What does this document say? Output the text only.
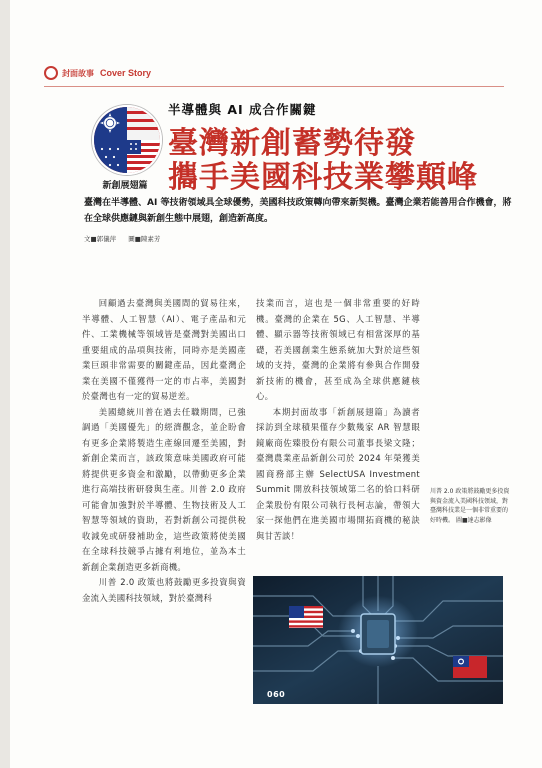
封面故事 Cover Story
新創展翅篇
半導體與 AI 成合作關鍵
臺灣新創蓄勢待發
攜手美國科技業攀顛峰
臺灣在半導體、AI 等技術領域具全球優勢，美國科技政策轉向帶來新契機。臺灣企業若能善用合作機會，將在全球供應鏈與新創生態中展翅，創造新高度。
文■郭儀萍 圖■陳素芳

回顧過去臺灣與美國間的貿易往來，半導體、人工智慧（AI）、電子產品和元件、工業機械等領域皆是臺灣對美國出口重要組成的品項與技術，同時亦是美國產業巨頭非常需要的關鍵產品，因此臺灣企業在美國不僅獲得一定的市占率，美國對於臺灣也有一定的貿易逆差。

美國總統川普在過去任職期間，已強調過「美國優先」的經濟觀念，並企盼會有更多企業將製造生產線回遷至美國，對新創企業而言，該政策意味美國政府可能將提供更多資金和激勵，以帶動更多企業進行高端技術研發與生產。川普 2.0 政府可能會加強對於半導體、生物技術及人工智慧等領域的資助，若對新創公司提供稅收減免或研發補助金，這些政策將使美國在全球科技競爭占據有利地位，並為本土新創企業創造更多新商機。

川普 2.0 政策也將鼓勵更多投資與資金流入美國科技領域，對於臺灣科

技業而言，這也是一個非常重要的好時機。臺灣的企業在 5G、人工智慧、半導體、顯示器等技術領域已有相當深厚的基礎，若美國創業生態系統加大對於這些領域的支持，臺灣的企業將有參與合作開發新技術的機會，甚至成為全球供應鏈核心。

本期封面故事「新創展翅篇」為讀者採訪到全球積果僅存少數幾家 AR 智慧眼鏡廠商佐臻股份有限公司董事長梁文隆；臺灣農業產品新創公司於 2024 年榮獲美國商務部主辦 SelectUSA Investment Summit 開放科技領域第二名的恰口料研企業股份有限公司執行長柯志論，帶領大家一探他們在進美國市場開拓商機的秘訣與甘苦談！

川普 2.0 政策將鼓勵更多投資與資金流入美國科技領域，對臺灣科技業是一個非常重要的好時機。 圖■達志影像
060
